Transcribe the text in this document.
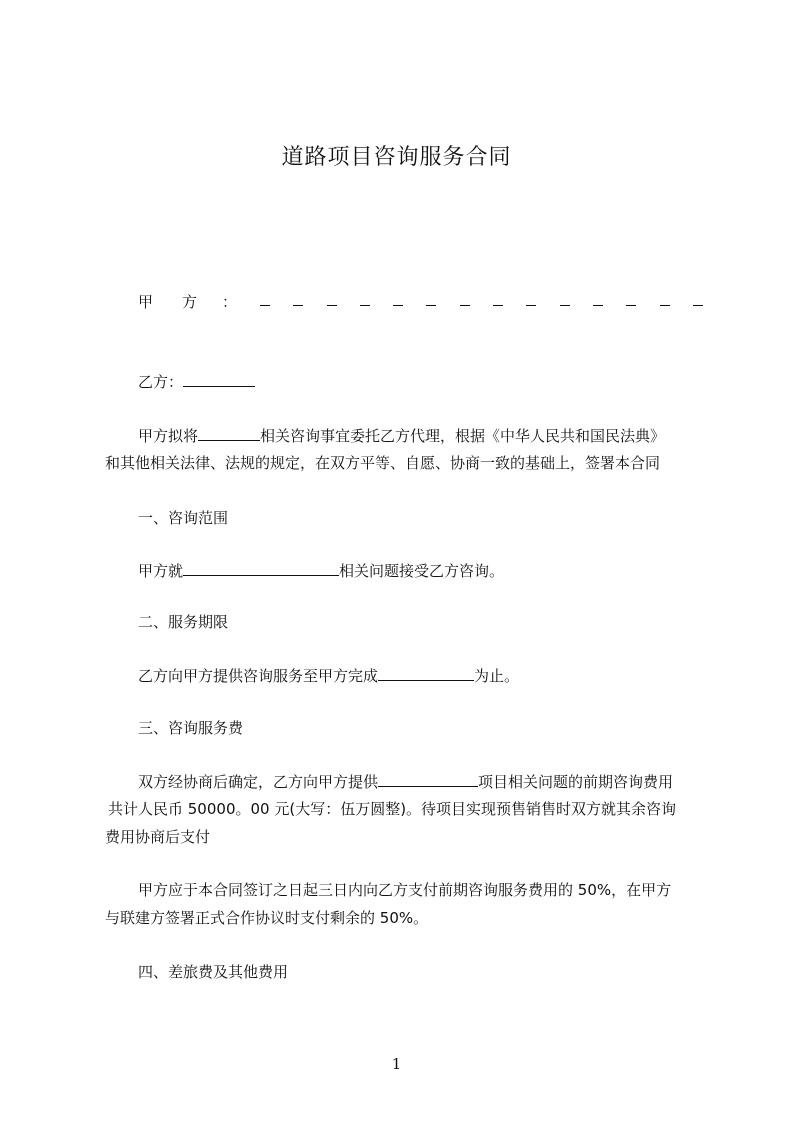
道路项目咨询服务合同
甲 方 ：
乙方：
甲方拟将	相关咨询事宜委托乙方代理，根据《中华人民共和国民法典》
和其他相关法律、法规的规定，在双方平等、自愿、协商一致的基础上，签署本合同
一、咨询范围
甲方就	相关问题接受乙方咨询。
二、服务期限
乙方向甲方提供咨询服务至甲方完成	为止。
三、咨询服务费
双方经协商后确定，乙方向甲方提供	项目相关问题的前期咨询费用
共计人民币 50000。00 元(大写：伍万圆整)。待项目实现预售销售时双方就其余咨询
费用协商后支付
甲方应于本合同签订之日起三日内向乙方支付前期咨询服务费用的 50%，在甲方
与联建方签署正式合作协议时支付剩余的 50%。
四、差旅费及其他费用
1
